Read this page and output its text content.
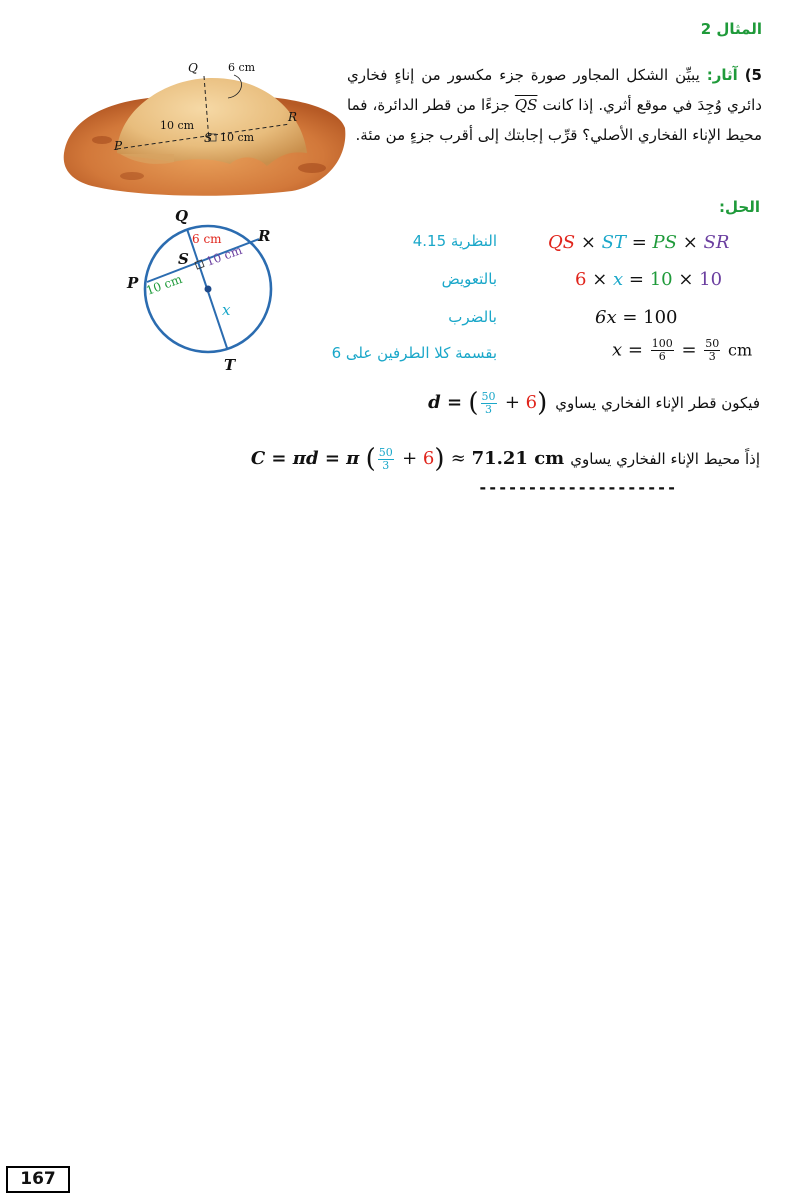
المثال 2
5) آثار: يبيِّن الشكل المجاور صورة جزء مكسور من إناءٍ فخاري دائري وُجِدَ في موقع أثري. إذا كانت $\overline{QS}$ جزءًا من قطر الدائرة، فما محيط الإناء الفخاري الأصلي؟ قرِّب إجابتك إلى أقرب جزءٍ من مئة.
Q	6 cm
R
P
S
10 cm
10 cm
الحل:
Q
R
P
S
T
6 cm
10 cm
10 cm
x
النظرية 4.15
بالتعويض
بالضرب
بقسمة كلا الطرفين على 6
QS × ST = PS × SR
6 × x = 10 × 10
6x = 100
$x = \frac{100}{6} = \frac{50}{3}$ cm
فيكون قطر الإناء الفخاري يساوي
d = ( $\frac{50}{3} + 6$)
إذاً محيط الإناء الفخاري يساوي
C = πd = π ( $\frac{50}{3} + 6) \approx 71.21$ cm
--------------------
167
